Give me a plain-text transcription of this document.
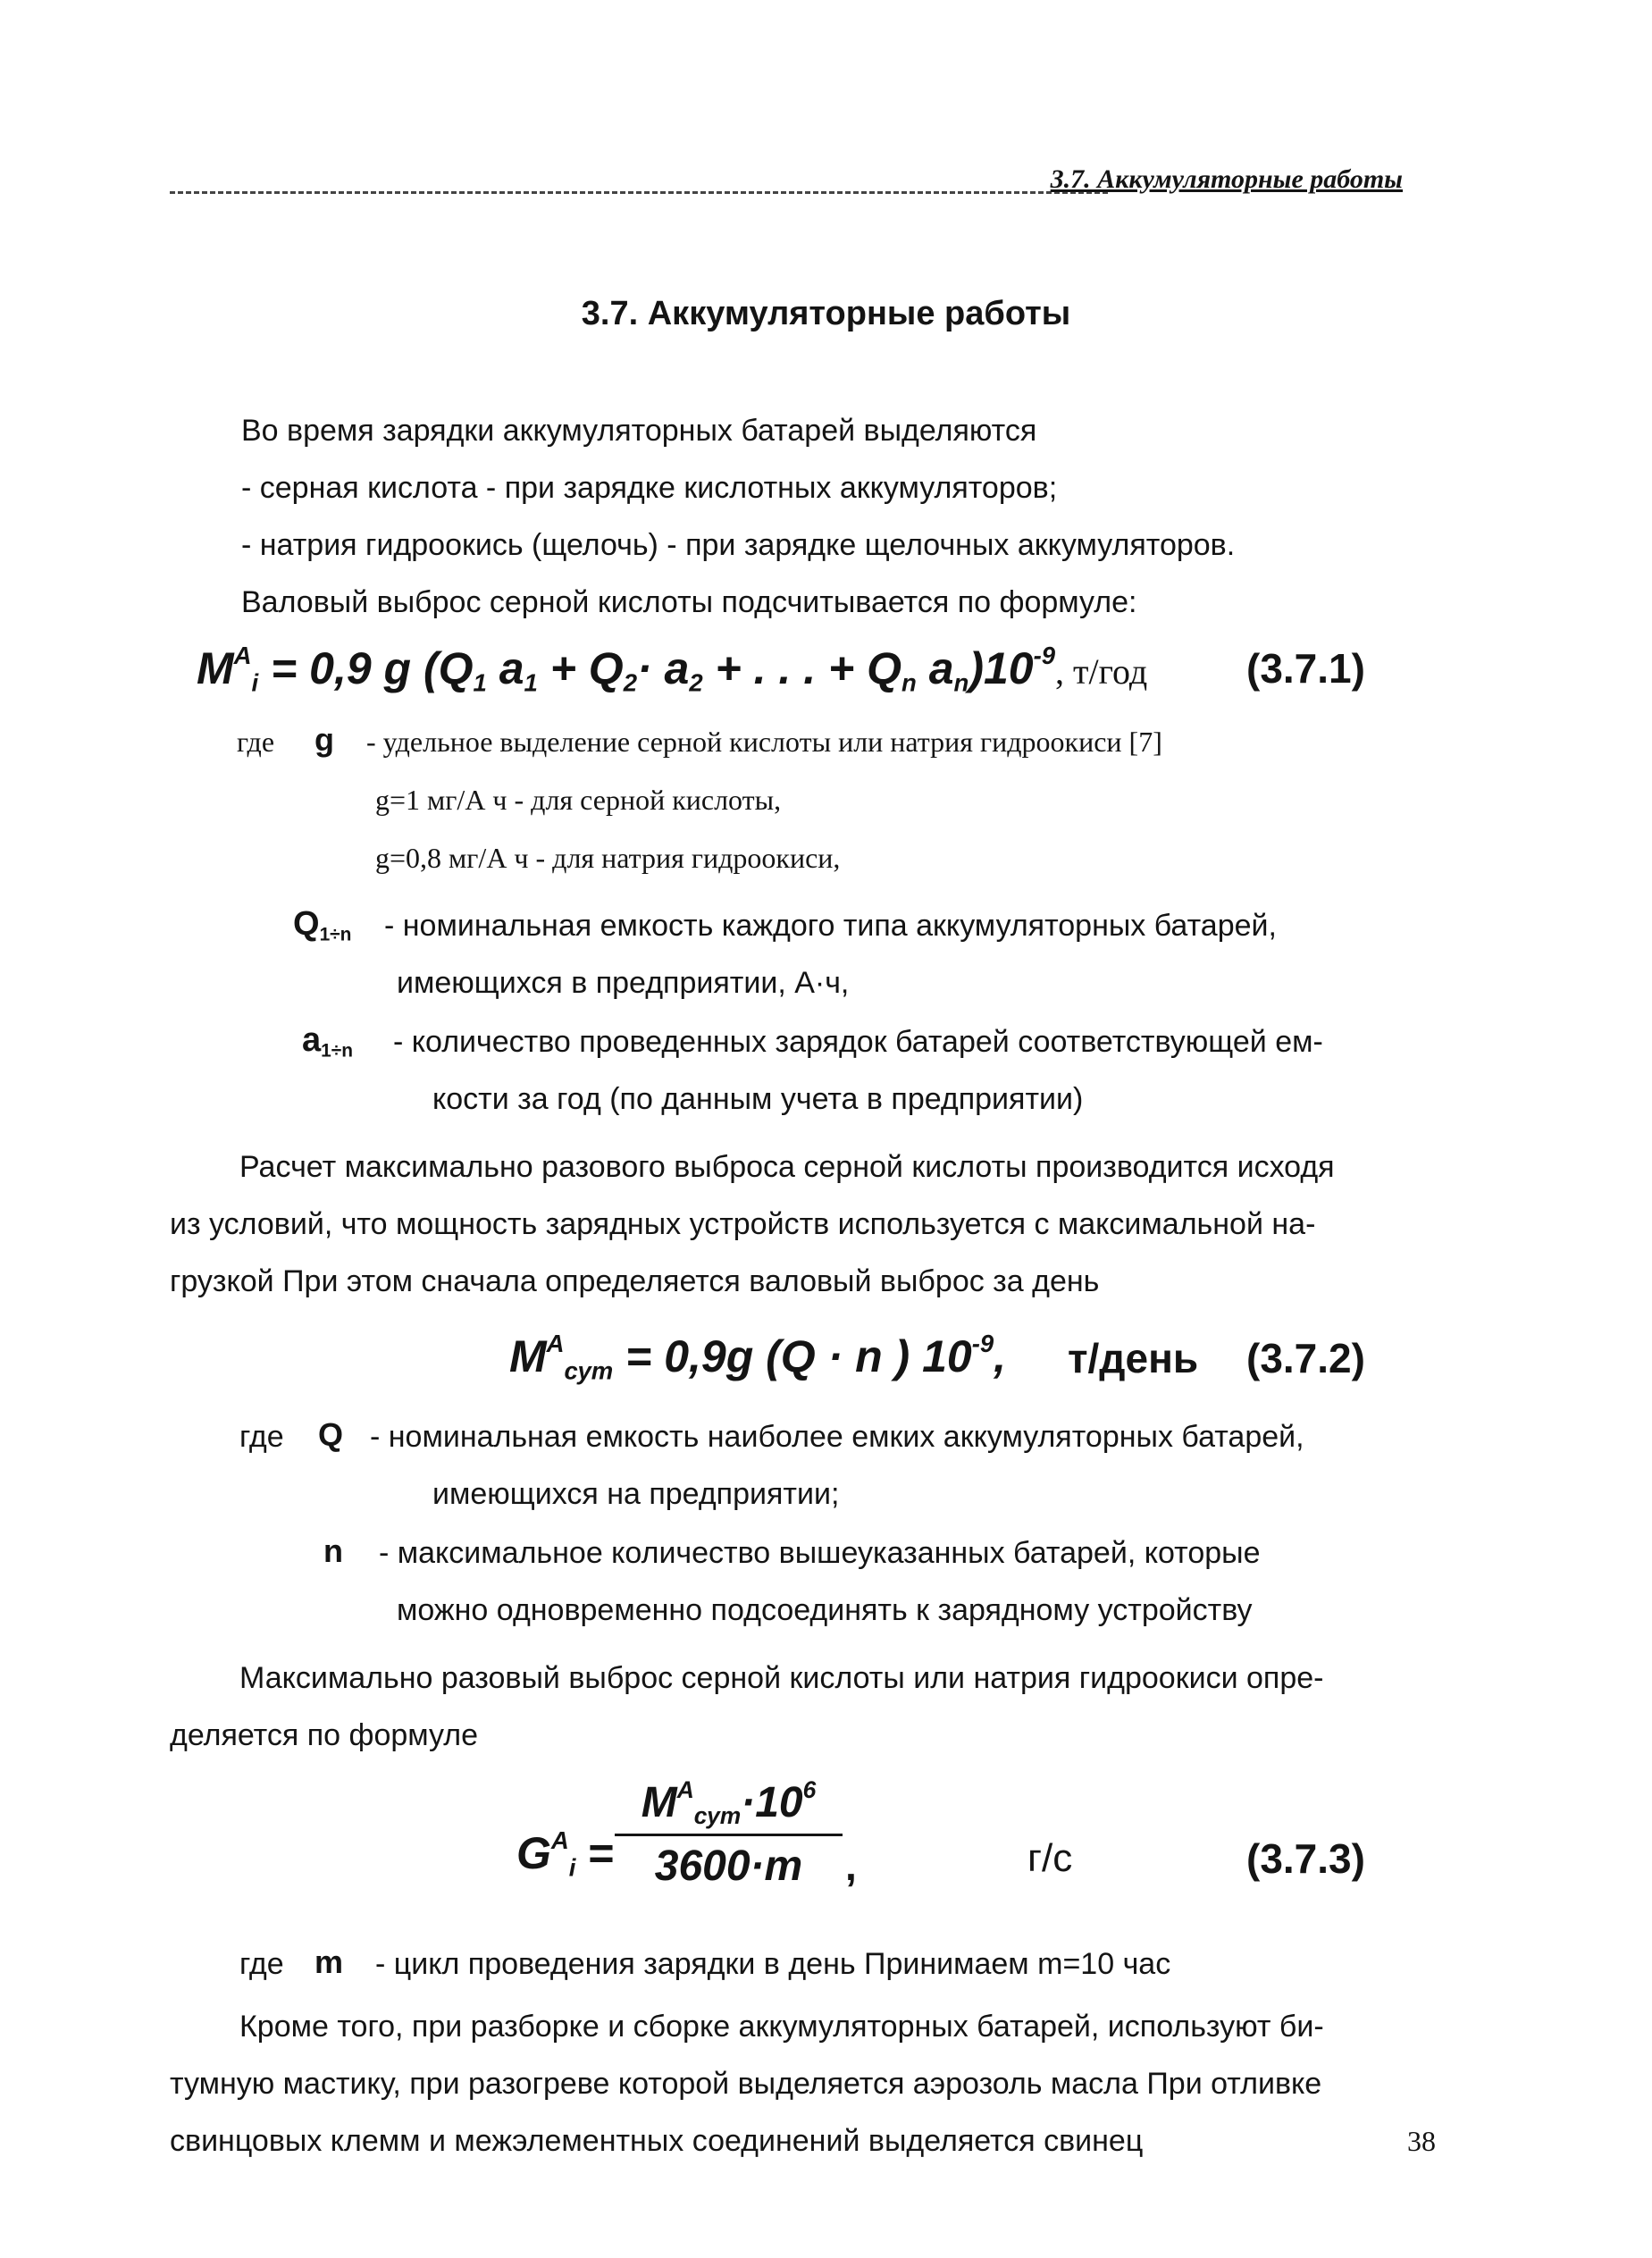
3.7. Аккумуляторные работы
3.7. Аккумуляторные работы
Во время зарядки аккумуляторных батарей выделяются
- серная кислота - при зарядке кислотных аккумуляторов;
- натрия гидроокись (щелочь) - при зарядке щелочных аккумуляторов.
Валовый выброс серной кислоты подсчитывается по формуле:
$M^A_i = 0,9$ g ($Q_1$ $a_1 + Q_2\cdot a_2$ + . . . + $Q_n$ $a_n)10^{-9}$, т/год (3.7.1)
где g - удельное выделение серной кислоты или натрия гидроокиси [7]
g=1 мг/А ч - для серной кислоты,
g=0,8 мг/А ч - для натрия гидроокиси,
$Q_{1\div n}$ - номинальная емкость каждого типа аккумуляторных батарей,
имеющихся в предприятии, А·ч,
$a_{1\div n}$ - количество проведенных зарядок батарей соответствующей ем-
кости за год (по данным учета в предприятии)
Расчет максимально разового выброса серной кислоты производится исходя
из условий, что мощность зарядных устройств используется с максимальной на-
грузкой При этом сначала определяется валовый выброс за день
$M^A_{сут} = 0,9g$ (Q · n ) $10^{-9}$, т/день (3.7.2)
где Q - номинальная емкость наиболее емких аккумуляторных батарей,
имеющихся на предприятии;
n - максимальное количество вышеуказанных батарей, которые
можно одновременно подсоединять к зарядному устройству
Максимально разовый выброс серной кислоты или натрия гидроокиси опре-
деляется по формуле
$G^A_i$ =
$M^A_{сут}\cdot 10^6$
3600·m	,	г/с	(3.7.3)
где m - цикл проведения зарядки в день Принимаем m=10 час
Кроме того, при разборке и сборке аккумуляторных батарей, используют би-
тумную мастику, при разогреве которой выделяется аэрозоль масла При отливке
свинцовых клемм и межэлементных соединений выделяется свинец	38
